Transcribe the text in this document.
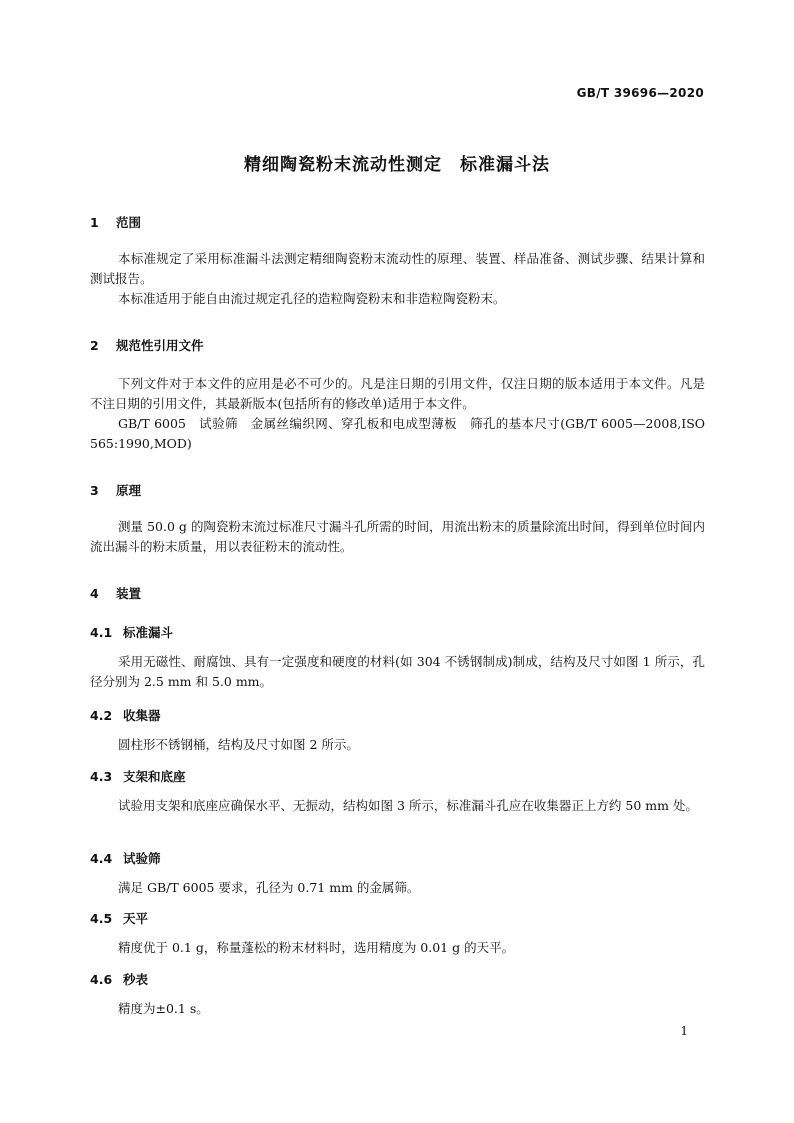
GB/T 39696—2020
精细陶瓷粉末流动性测定　标准漏斗法
1 范围

本标准规定了采用标准漏斗法测定精细陶瓷粉末流动性的原理、装置、样品准备、测试步骤、结果计算和测试报告。

本标准适用于能自由流过规定孔径的造粒陶瓷粉末和非造粒陶瓷粉末。

2 规范性引用文件

下列文件对于本文件的应用是必不可少的。凡是注日期的引用文件，仅注日期的版本适用于本文件。凡是不注日期的引用文件，其最新版本(包括所有的修改单)适用于本文件。

GB/T 6005　试验筛　金属丝编织网、穿孔板和电成型薄板　筛孔的基本尺寸(GB/T 6005—2008,ISO 565:1990,MOD)

3 原理

测量 50.0 g 的陶瓷粉末流过标准尺寸漏斗孔所需的时间，用流出粉末的质量除流出时间，得到单位时间内流出漏斗的粉末质量，用以表征粉末的流动性。

4 装置
4.1 标准漏斗

采用无磁性、耐腐蚀、具有一定强度和硬度的材料(如 304 不锈钢制成)制成，结构及尺寸如图 1 所示，孔径分别为 2.5 mm 和 5.0 mm。

4.2 收集器

圆柱形不锈钢桶，结构及尺寸如图 2 所示。

4.3 支架和底座

试验用支架和底座应确保水平、无振动，结构如图 3 所示，标准漏斗孔应在收集器正上方约 50 mm 处。

4.4 试验筛

满足 GB/T 6005 要求，孔径为 0.71 mm 的金属筛。

4.5 天平

精度优于 0.1 g，称量蓬松的粉末材料时，选用精度为 0.01 g 的天平。

4.6 秒表

精度为±0.1 s。

1
